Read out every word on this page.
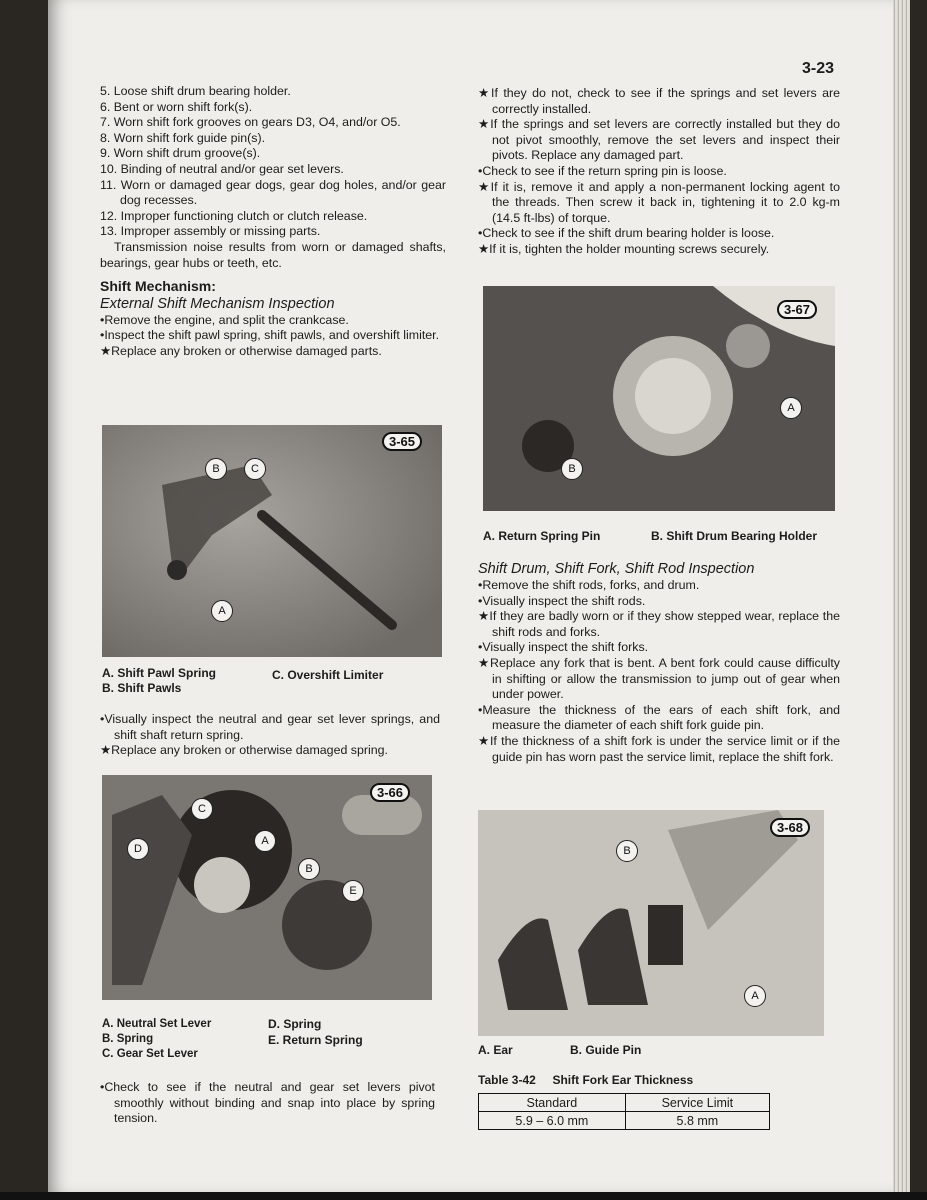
3-23

5. Loose shift drum bearing holder.

6. Bent or worn shift fork(s).

7. Worn shift fork grooves on gears D3, O4, and/or O5.

8. Worn shift fork guide pin(s).

9. Worn shift drum groove(s).

10. Binding of neutral and/or gear set levers.

11. Worn or damaged gear dogs, gear dog holes, and/or gear dog recesses.

12. Improper functioning clutch or clutch release.

13. Improper assembly or missing parts.

Transmission noise results from worn or damaged shafts, bearings, gear hubs or teeth, etc.

Shift Mechanism:

External Shift Mechanism Inspection

•Remove the engine, and split the crankcase.

•Inspect the shift pawl spring, shift pawls, and overshift limiter.

★Replace any broken or otherwise damaged parts.

3-65
B	C
A
A. Shift Pawl Spring
B. Shift Pawls
C. Overshift Limiter

•Visually inspect the neutral and gear set lever springs, and shift shaft return spring.

★Replace any broken or otherwise damaged spring.

3-66
C
D
A
B
E
A. Neutral Set Lever
B. Spring
C. Gear Set Lever
D. Spring
E. Return Spring

•Check to see if the neutral and gear set levers pivot smoothly without binding and snap into place by spring tension.

★If they do not, check to see if the springs and set levers are correctly installed.

★If the springs and set levers are correctly installed but they do not pivot smoothly, remove the set levers and inspect their pivots. Replace any damaged part.

•Check to see if the return spring pin is loose.

★If it is, remove it and apply a non-permanent locking agent to the threads. Then screw it back in, tightening it to 2.0 kg-m (14.5 ft-lbs) of torque.

•Check to see if the shift drum bearing holder is loose.

★If it is, tighten the holder mounting screws securely.

3-67
A
B
A. Return Spring Pin	B. Shift Drum Bearing Holder

Shift Drum, Shift Fork, Shift Rod Inspection

•Remove the shift rods, forks, and drum.

•Visually inspect the shift rods.

★If they are badly worn or if they show stepped wear, replace the shift rods and forks.

•Visually inspect the shift forks.

★Replace any fork that is bent. A bent fork could cause difficulty in shifting or allow the transmission to jump out of gear when under power.

•Measure the thickness of the ears of each shift fork, and measure the diameter of each shift fork guide pin.

★If the thickness of a shift fork is under the service limit or if the guide pin has worn past the service limit, replace the shift fork.

3-68
B
A
A. Ear	B. Guide Pin
Table 3-42     Shift Fork Ear Thickness
Standard	Service Limit
5.9 – 6.0 mm	5.8 mm
